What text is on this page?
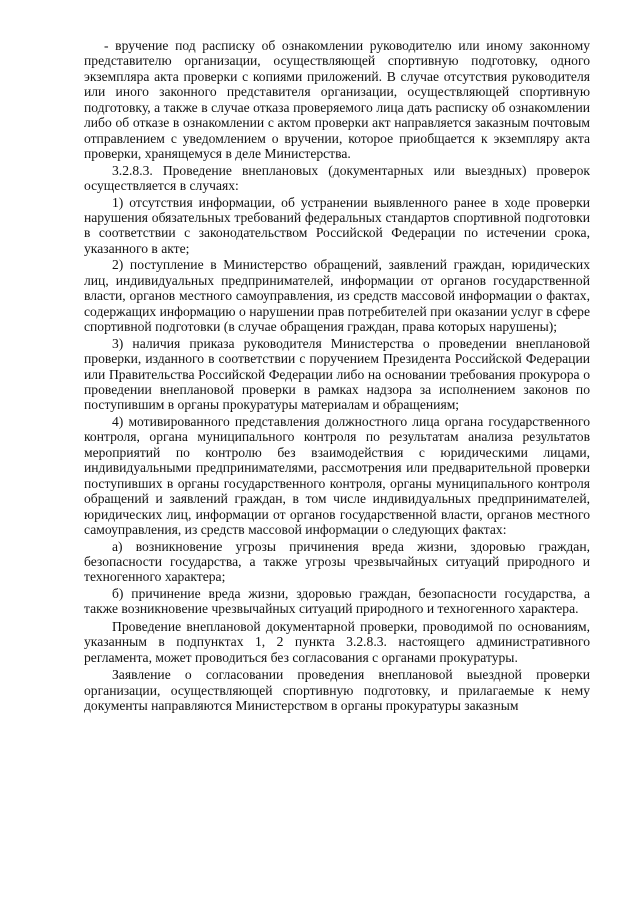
- вручение под расписку об ознакомлении руководителю или иному законному представителю организации, осуществляющей спортивную подготовку, одного экземпляра акта проверки с копиями приложений. В случае отсутствия руководителя или иного законного представителя организации, осуществляющей спортивную подготовку, а также в случае отказа проверяемого лица дать расписку об ознакомлении либо об отказе в ознакомлении с актом проверки акт направляется заказным почтовым отправлением с уведомлением о вручении, которое приобщается к экземпляру акта проверки, хранящемуся в деле Министерства.

3.2.8.3. Проведение внеплановых (документарных или выездных) проверок осуществляется в случаях:

1) отсутствия информации, об устранении выявленного ранее в ходе проверки нарушения обязательных требований федеральных стандартов спортивной подготовки в соответствии с законодательством Российской Федерации по истечении срока, указанного в акте;

2) поступление в Министерство обращений, заявлений граждан, юридических лиц, индивидуальных предпринимателей, информации от органов государственной власти, органов местного самоуправления, из средств массовой информации о фактах, содержащих информацию о нарушении прав потребителей при оказании услуг в сфере спортивной подготовки (в случае обращения граждан, права которых нарушены);

3) наличия приказа руководителя Министерства о проведении внеплановой проверки, изданного в соответствии с поручением Президента Российской Федерации или Правительства Российской Федерации либо на основании требования прокурора о проведении внеплановой проверки в рамках надзора за исполнением законов по поступившим в органы прокуратуры материалам и обращениям;

4) мотивированного представления должностного лица органа государственного контроля, органа муниципального контроля по результатам анализа результатов мероприятий по контролю без взаимодействия с юридическими лицами, индивидуальными предпринимателями, рассмотрения или предварительной проверки поступивших в органы государственного контроля, органы муниципального контроля обращений и заявлений граждан, в том числе индивидуальных предпринимателей, юридических лиц, информации от органов государственной власти, органов местного самоуправления, из средств массовой информации о следующих фактах:

а) возникновение угрозы причинения вреда жизни, здоровью граждан, безопасности государства, а также угрозы чрезвычайных ситуаций природного и техногенного характера;

б) причинение вреда жизни, здоровью граждан, безопасности государства, а также возникновение чрезвычайных ситуаций природного и техногенного характера.

Проведение внеплановой документарной проверки, проводимой по основаниям, указанным в подпунктах 1, 2 пункта 3.2.8.3. настоящего административного регламента, может проводиться без согласования с органами прокуратуры.

Заявление о согласовании проведения внеплановой выездной проверки организации, осуществляющей спортивную подготовку, и прилагаемые к нему документы направляются Министерством в органы прокуратуры заказным
